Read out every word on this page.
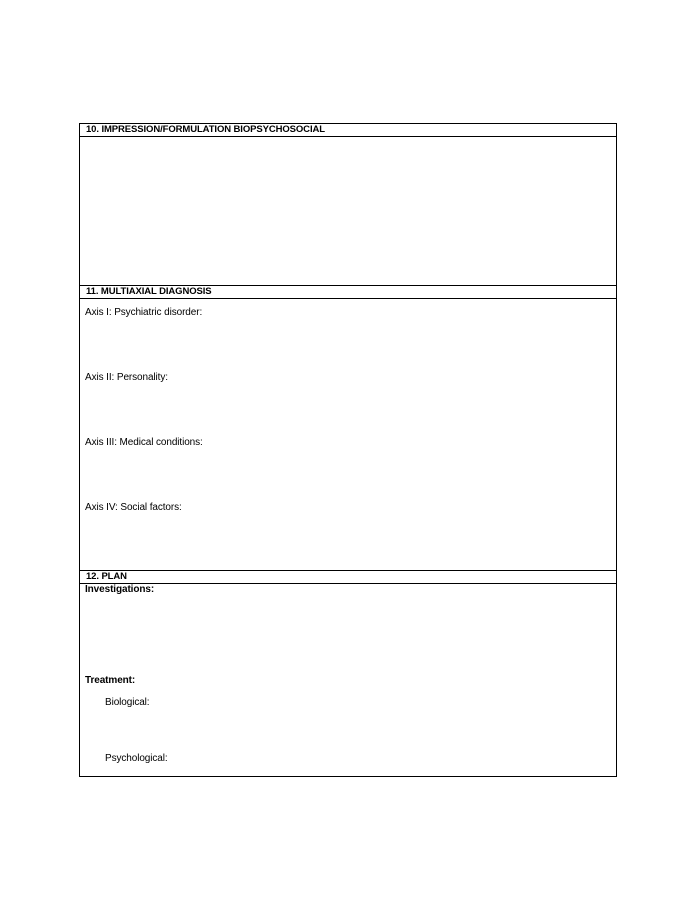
10. IMPRESSION/FORMULATION BIOPSYCHOSOCIAL
11. MULTIAXIAL DIAGNOSIS
Axis I: Psychiatric disorder:
Axis II: Personality:
Axis III: Medical conditions:
Axis IV: Social factors:
12. PLAN
Investigations:
Treatment:
Biological:
Psychological:
